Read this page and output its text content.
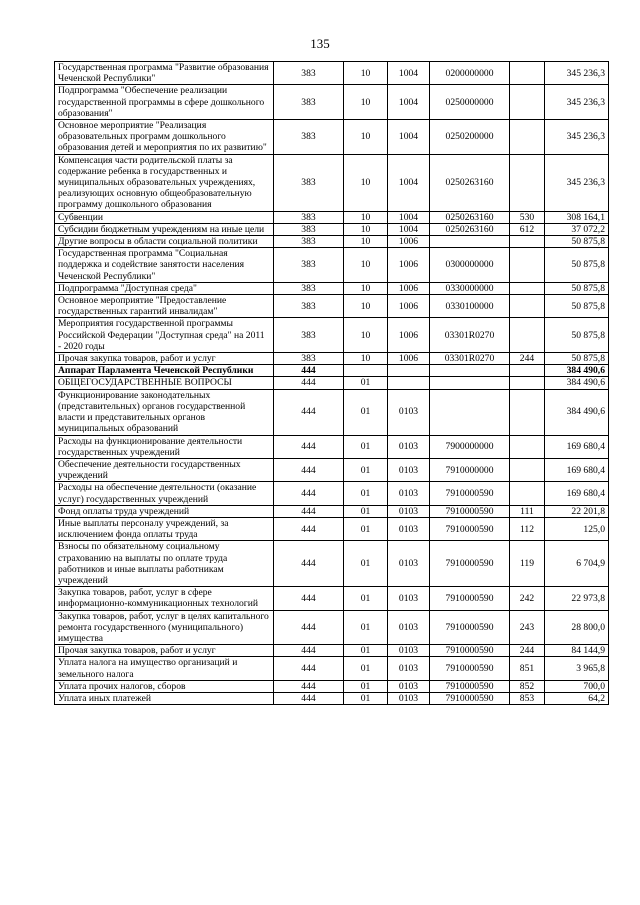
135
Государственная программа "Развитие образования Чеченской Республики"	383	10	1004	0200000000		345 236,3
Подпрограмма "Обеспечение реализации государственной программы в сфере дошкольного образования"	383	10	1004	0250000000		345 236,3
Основное мероприятие "Реализация образовательных программ дошкольного образования детей и мероприятия по их развитию"	383	10	1004	0250200000		345 236,3
Компенсация части родительской платы за содержание ребенка в государственных и муниципальных образовательных учреждениях, реализующих основную общеобразовательную программу дошкольного образования	383	10	1004	0250263160		345 236,3
Субвенции	383	10	1004	0250263160	530	308 164,1
Субсидии бюджетным учреждениям на иные цели	383	10	1004	0250263160	612	37 072,2
Другие вопросы в области социальной политики	383	10	1006			50 875,8
Государственная программа "Социальная поддержка и содействие занятости населения Чеченской Республики"	383	10	1006	0300000000		50 875,8
Подпрограмма "Доступная среда"	383	10	1006	0330000000		50 875,8
Основное мероприятие "Предоставление государственных гарантий инвалидам"	383	10	1006	0330100000		50 875,8
Мероприятия государственной программы Российской Федерации "Доступная среда" на 2011 - 2020 годы	383	10	1006	03301R0270		50 875,8
Прочая закупка товаров, работ и услуг	383	10	1006	03301R0270	244	50 875,8
Аппарат Парламента Чеченской Республики	444					384 490,6
ОБЩЕГОСУДАРСТВЕННЫЕ ВОПРОСЫ	444	01				384 490,6
Функционирование законодательных (представительных) органов государственной власти и представительных органов муниципальных образований	444	01	0103			384 490,6
Расходы на функционирование деятельности государственных учреждений	444	01	0103	7900000000		169 680,4
Обеспечение деятельности государственных учреждений	444	01	0103	7910000000		169 680,4
Расходы на обеспечение деятельности (оказание услуг) государственных учреждений	444	01	0103	7910000590		169 680,4
Фонд оплаты труда учреждений	444	01	0103	7910000590	111	22 201,8
Иные выплаты персоналу учреждений, за исключением фонда оплаты труда	444	01	0103	7910000590	112	125,0
Взносы по обязательному социальному страхованию на выплаты по оплате труда работников и иные выплаты работникам учреждений	444	01	0103	7910000590	119	6 704,9
Закупка товаров, работ, услуг в сфере информационно-коммуникационных технологий	444	01	0103	7910000590	242	22 973,8
Закупка товаров, работ, услуг в целях капитального ремонта государственного (муниципального) имущества	444	01	0103	7910000590	243	28 800,0
Прочая закупка товаров, работ и услуг	444	01	0103	7910000590	244	84 144,9
Уплата налога на имущество организаций и земельного налога	444	01	0103	7910000590	851	3 965,8
Уплата прочих налогов, сборов	444	01	0103	7910000590	852	700,0
Уплата иных платежей	444	01	0103	7910000590	853	64,2
